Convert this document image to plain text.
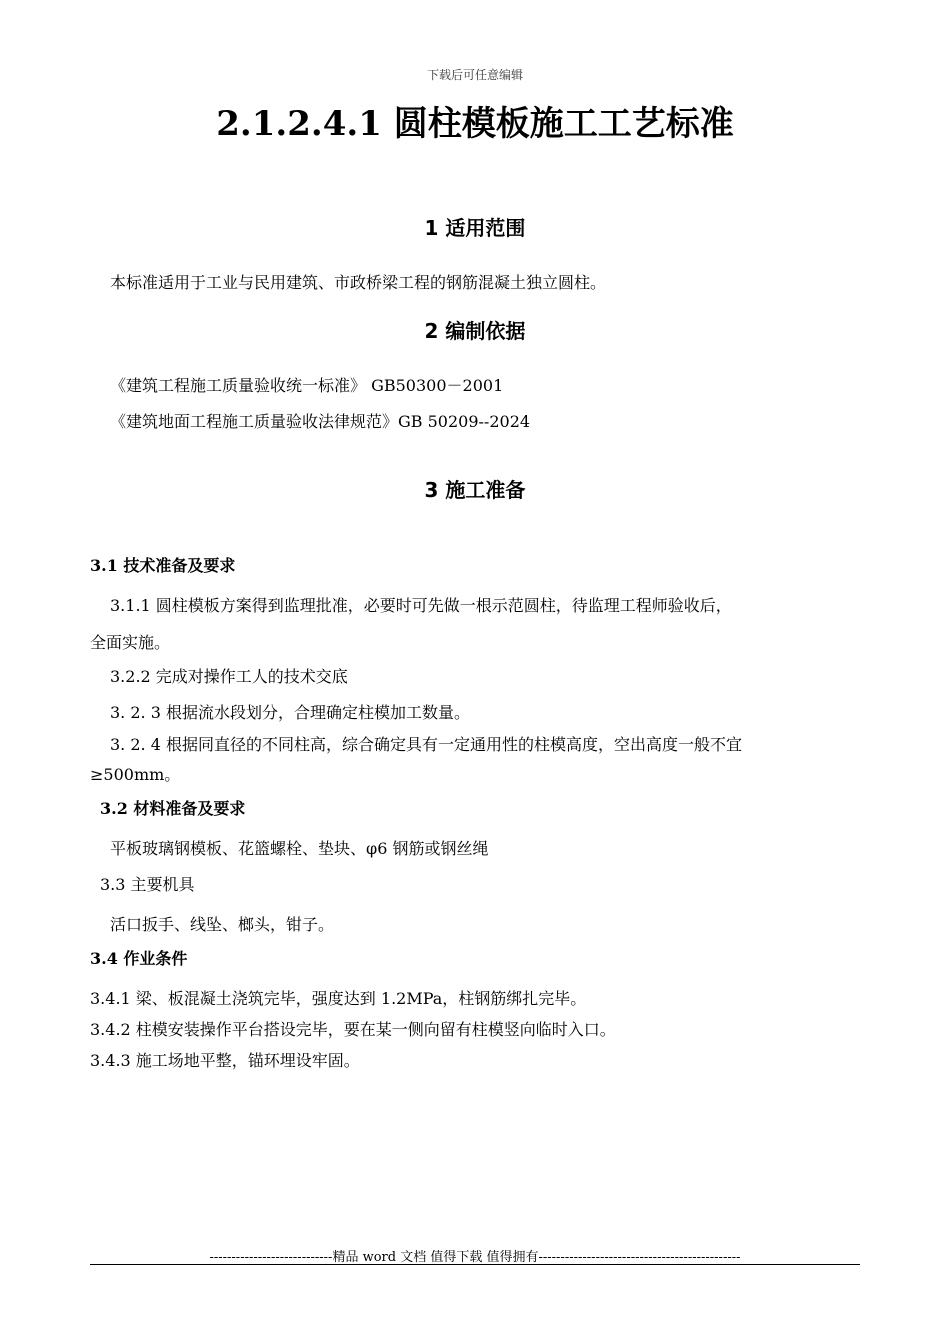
下载后可任意编辑
2.1.2.4.1 圆柱模板施工工艺标准
1 适用范围
本标准适用于工业与民用建筑、市政桥梁工程的钢筋混凝土独立圆柱。
2 编制依据
《建筑工程施工质量验收统一标准》 GB50300－2001
《建筑地面工程施工质量验收法律规范》GB 50209--2024
3 施工准备
3.1 技术准备及要求
3.1.1 圆柱模板方案得到监理批准，必要时可先做一根示范圆柱，待监理工程师验收后，
全面实施。
3.2.2 完成对操作工人的技术交底
3. 2. 3 根据流水段划分，合理确定柱模加工数量。
3. 2. 4 根据同直径的不同柱高，综合确定具有一定通用性的柱模高度，空出高度一般不宜
≥500mm。
3.2 材料准备及要求
平板玻璃钢模板、花篮螺栓、垫块、φ6 钢筋或钢丝绳
3.3 主要机具
活口扳手、线坠、榔头，钳子。
3.4 作业条件
3.4.1 梁、板混凝土浇筑完毕，强度达到 1.2MPa，柱钢筋绑扎完毕。
3.4.2 柱模安装操作平台搭设完毕，要在某一侧向留有柱模竖向临时入口。
3.4.3 施工场地平整，锚环埋设牢固。
----------------------------精品 word 文档 值得下载 值得拥有----------------------------------------------
